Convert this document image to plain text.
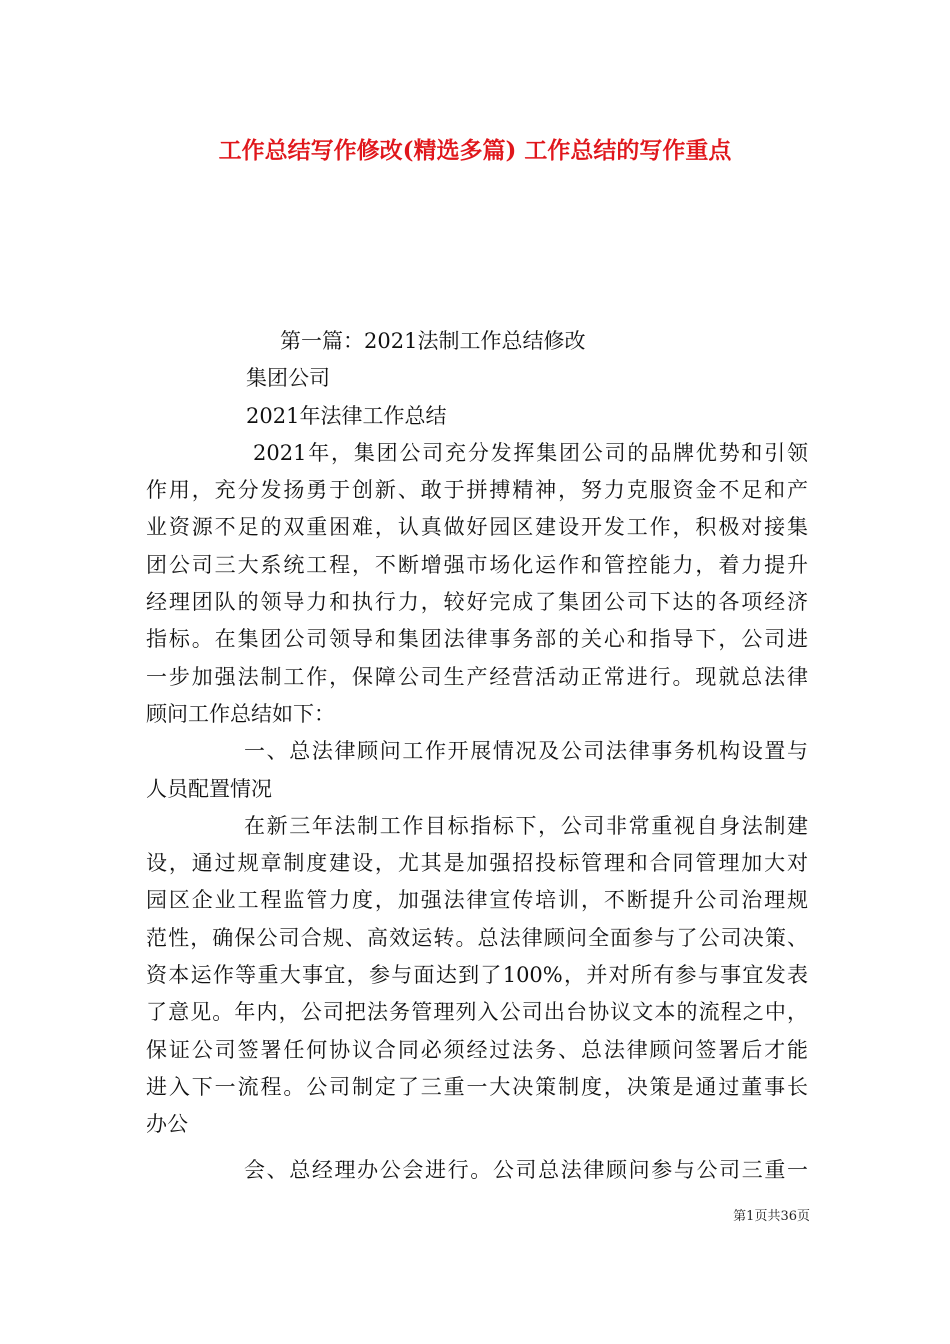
工作总结写作修改(精选多篇) 工作总结的写作重点
第一篇：2021法制工作总结修改
集团公司
2021年法律工作总结
2021年，集团公司充分发挥集团公司的品牌优势和引领
作用，充分发扬勇于创新、敢于拼搏精神，努力克服资金不足和产
业资源不足的双重困难，认真做好园区建设开发工作，积极对接集
团公司三大系统工程，不断增强市场化运作和管控能力，着力提升
经理团队的领导力和执行力，较好完成了集团公司下达的各项经济
指标。在集团公司领导和集团法律事务部的关心和指导下，公司进
一步加强法制工作，保障公司生产经营活动正常进行。现就总法律
顾问工作总结如下：
一、总法律顾问工作开展情况及公司法律事务机构设置与
人员配置情况
在新三年法制工作目标指标下，公司非常重视自身法制建
设，通过规章制度建设，尤其是加强招投标管理和合同管理加大对
园区企业工程监管力度，加强法律宣传培训，不断提升公司治理规
范性，确保公司合规、高效运转。总法律顾问全面参与了公司决策、
资本运作等重大事宜，参与面达到了100%，并对所有参与事宜发表
了意见。年内，公司把法务管理列入公司出台协议文本的流程之中，
保证公司签署任何协议合同必须经过法务、总法律顾问签署后才能
进入下一流程。公司制定了三重一大决策制度，决策是通过董事长
办公
会、总经理办公会进行。公司总法律顾问参与公司三重一
第1页共36页
